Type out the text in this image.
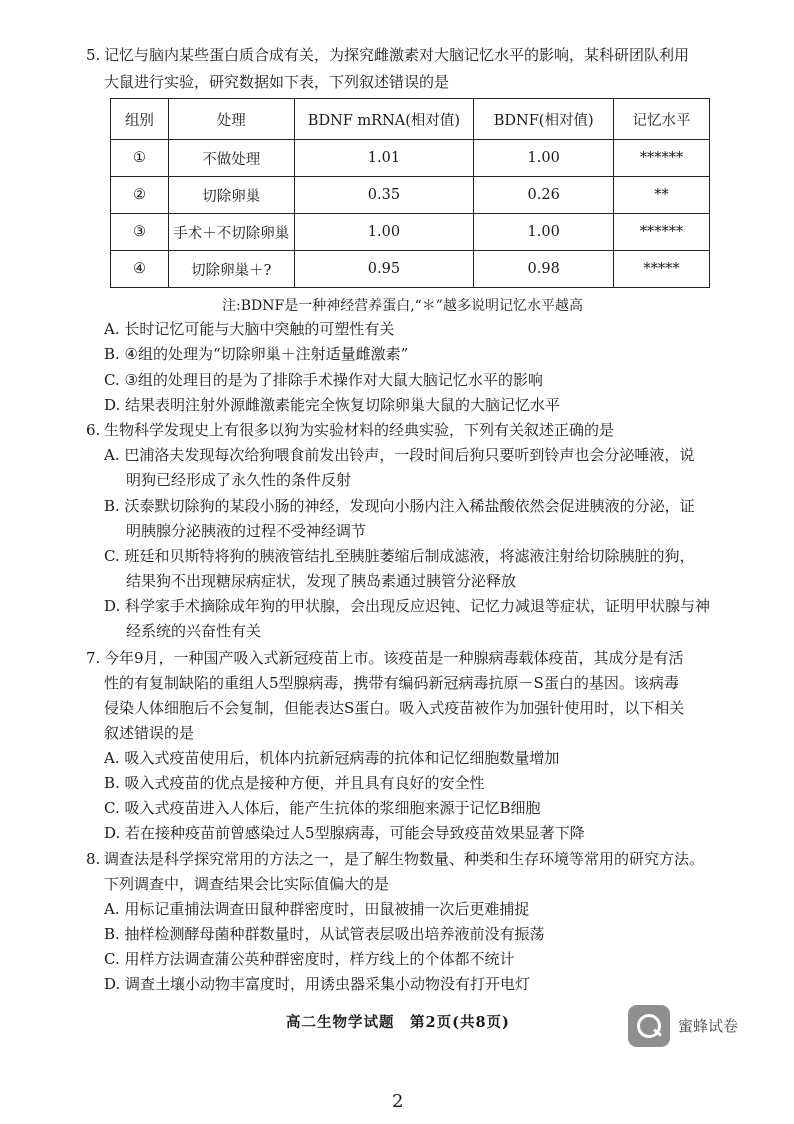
5. 记忆与脑内某些蛋白质合成有关，为探究雌激素对大脑记忆水平的影响，某科研团队利用
大鼠进行实验，研究数据如下表，下列叙述错误的是
组别	处理	BDNF mRNA(相对值)	BDNF(相对值)	记忆水平
①	不做处理	1.01	1.00	******
②	切除卵巢	0.35	0.26	**
③	手术＋不切除卵巢	1.00	1.00	******
④	切除卵巢＋?	0.95	0.98	*****
注:BDNF是一种神经营养蛋白,“＊”越多说明记忆水平越高
A. 长时记忆可能与大脑中突触的可塑性有关
B. ④组的处理为“切除卵巢＋注射适量雌激素”
C. ③组的处理目的是为了排除手术操作对大鼠大脑记忆水平的影响
D. 结果表明注射外源雌激素能完全恢复切除卵巢大鼠的大脑记忆水平
6. 生物科学发现史上有很多以狗为实验材料的经典实验，下列有关叙述正确的是
A. 巴浦洛夫发现每次给狗喂食前发出铃声，一段时间后狗只要听到铃声也会分泌唾液，说
明狗已经形成了永久性的条件反射
B. 沃泰默切除狗的某段小肠的神经，发现向小肠内注入稀盐酸依然会促进胰液的分泌，证
明胰腺分泌胰液的过程不受神经调节
C. 班廷和贝斯特将狗的胰液管结扎至胰脏萎缩后制成滤液，将滤液注射给切除胰脏的狗，
结果狗不出现糖尿病症状，发现了胰岛素通过胰管分泌释放
D. 科学家手术摘除成年狗的甲状腺，会出现反应迟钝、记忆力减退等症状，证明甲状腺与神
经系统的兴奋性有关
7. 今年9月，一种国产吸入式新冠疫苗上市。该疫苗是一种腺病毒载体疫苗，其成分是有活
性的有复制缺陷的重组人5型腺病毒，携带有编码新冠病毒抗原－S蛋白的基因。该病毒
侵染人体细胞后不会复制，但能表达S蛋白。吸入式疫苗被作为加强针使用时，以下相关
叙述错误的是
A. 吸入式疫苗使用后，机体内抗新冠病毒的抗体和记忆细胞数量增加
B. 吸入式疫苗的优点是接种方便，并且具有良好的安全性
C. 吸入式疫苗进入人体后，能产生抗体的浆细胞来源于记忆B细胞
D. 若在接种疫苗前曾感染过人5型腺病毒，可能会导致疫苗效果显著下降
8. 调查法是科学探究常用的方法之一，是了解生物数量、种类和生存环境等常用的研究方法。
下列调查中，调查结果会比实际值偏大的是
A. 用标记重捕法调查田鼠种群密度时，田鼠被捕一次后更难捕捉
B. 抽样检测酵母菌种群数量时，从试管表层吸出培养液前没有振荡
C. 用样方法调查蒲公英种群密度时，样方线上的个体都不统计
D. 调查土壤小动物丰富度时，用诱虫器采集小动物没有打开电灯
高二生物学试题　第2页(共8页)	蜜蜂试卷
2
